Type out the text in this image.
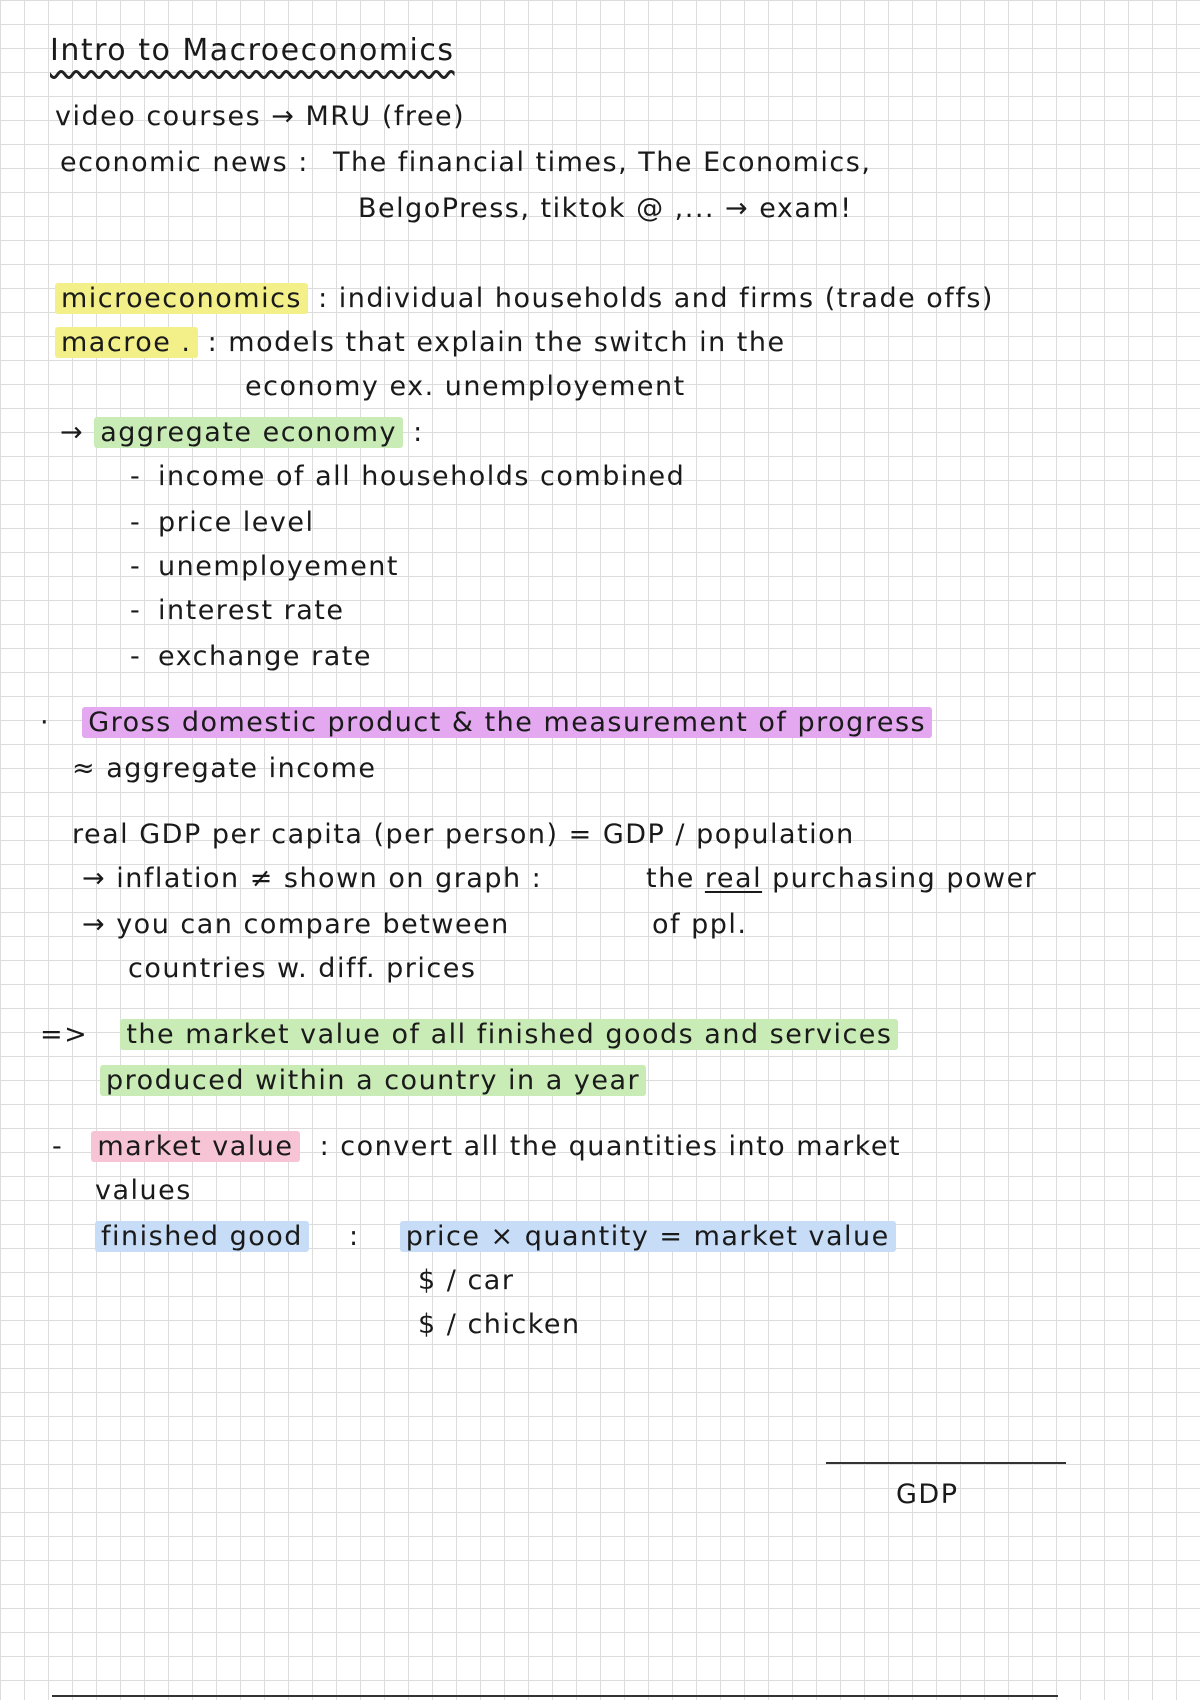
Intro to Macroeconomics
video courses → MRU (free)
economic news : The financial times, The Economics,
BelgoPress, tiktok @ ,... → exam!
microeconomics : individual households and firms (trade offs)
macroe . : models that explain the switch in the
economy ex. unemployement
→ aggregate economy :
- income of all households combined
- price level
- unemployement
- interest rate
- exchange rate
· Gross domestic product & the measurement of progress
≈ aggregate income
real GDP per capita (per person) = GDP / population
→ inflation ≠ shown on graph :	the real purchasing power
→ you can compare between	of ppl.
countries w. diff. prices
=> the market value of all finished goods and services
produced within a country in a year
- market value : convert all the quantities into market
values
finished good : price × quantity = market value
$ / car
$ / chicken
GDP
